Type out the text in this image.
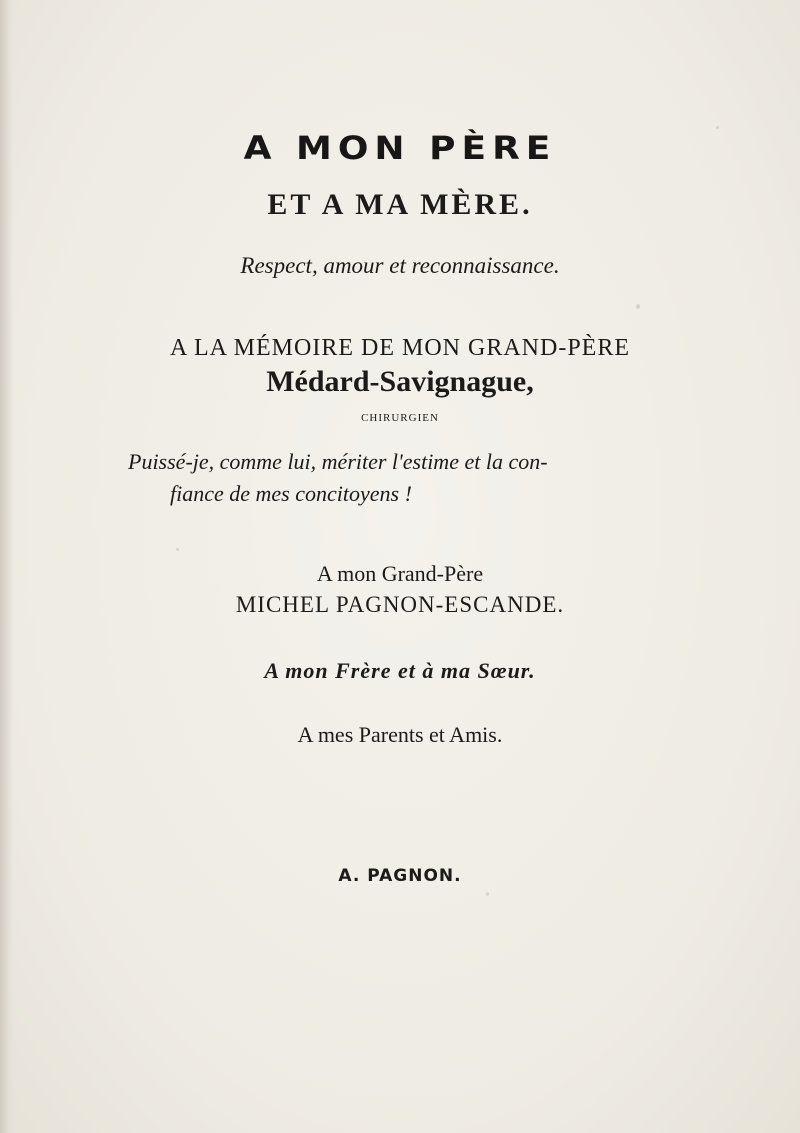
A MON PÈRE
ET A MA MÈRE.
Respect, amour et reconnaissance.
A LA MÉMOIRE DE MON GRAND-PÈRE
Médard-Savignague,
CHIRURGIEN
Puissé-je, comme lui, mériter l'estime et la con-
fiance de mes concitoyens !
A mon Grand-Père
MICHEL PAGNON-ESCANDE.
A mon Frère et à ma Sœur.
A mes Parents et Amis.
A. PAGNON.
